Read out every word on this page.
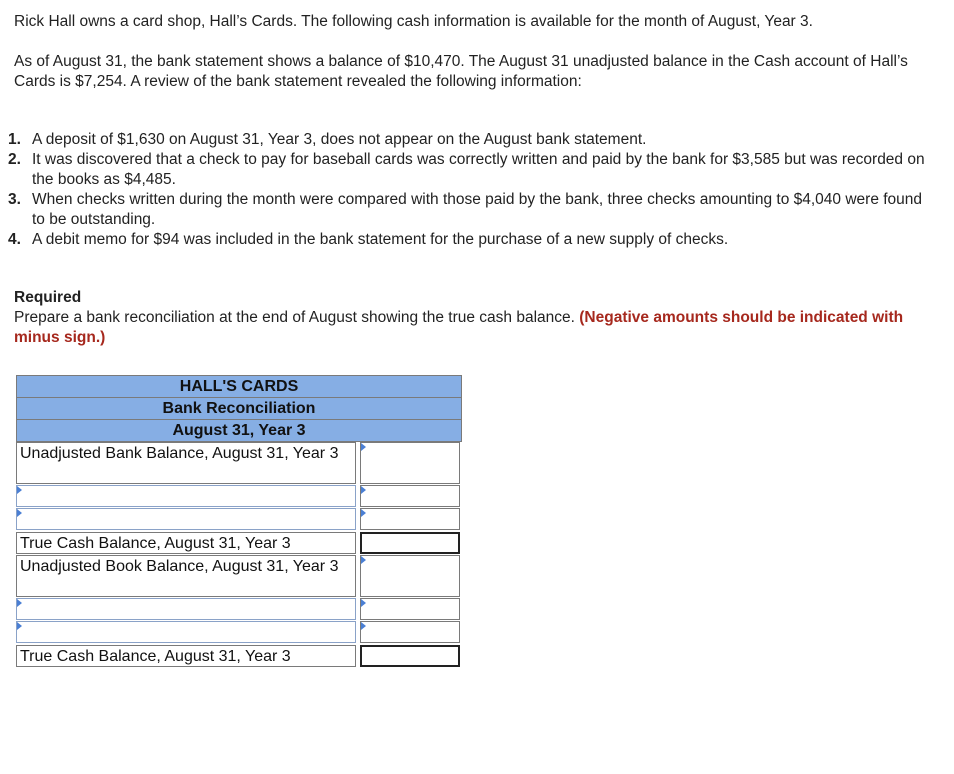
Rick Hall owns a card shop, Hall’s Cards. The following cash information is available for the month of August, Year 3.

As of August 31, the bank statement shows a balance of $10,470. The August 31 unadjusted balance in the Cash account of Hall’s Cards is $7,254. A review of the bank statement revealed the following information:

1. A deposit of $1,630 on August 31, Year 3, does not appear on the August bank statement.
2. It was discovered that a check to pay for baseball cards was correctly written and paid by the bank for $3,585 but was recorded on the books as $4,485.
3. When checks written during the month were compared with those paid by the bank, three checks amounting to $4,040 were found to be outstanding.
4. A debit memo for $94 was included in the bank statement for the purchase of a new supply of checks.

Required

Prepare a bank reconciliation at the end of August showing the true cash balance. (Negative amounts should be indicated with minus sign.)

HALL'S CARDS
Bank Reconciliation
August 31, Year 3
Unadjusted Bank Balance, August 31, Year 3
True Cash Balance, August 31, Year 3
Unadjusted Book Balance, August 31, Year 3
True Cash Balance, August 31, Year 3
